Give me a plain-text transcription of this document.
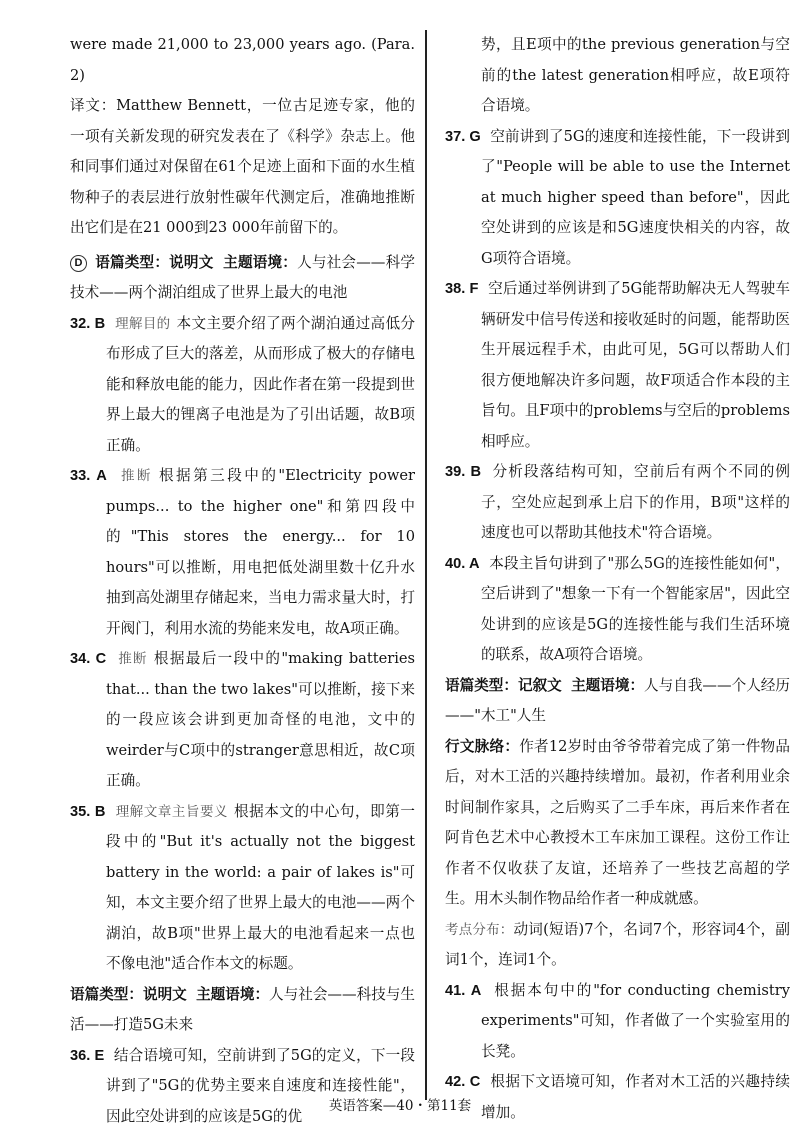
were made 21,000 to 23,000 years ago. (Para. 2)

译文：Matthew Bennett，一位古足迹专家，他的一项有关新发现的研究发表在了《科学》杂志上。他和同事们通过对保留在61个足迹上面和下面的水生植物种子的表层进行放射性碳年代测定后，准确地推断出它们是在21 000到23 000年前留下的。

D 语篇类型：说明文 主题语境：人与社会——科学技术——两个湖泊组成了世界上最大的电池

32. B 理解目的 本文主要介绍了两个湖泊通过高低分布形成了巨大的落差，从而形成了极大的存储电能和释放电能的能力，因此作者在第一段提到世界上最大的锂离子电池是为了引出话题，故B项正确。

33. A 推断 根据第三段中的"Electricity power pumps... to the higher one"和第四段中的"This stores the energy... for 10 hours"可以推断，用电把低处湖里数十亿升水抽到高处湖里存储起来，当电力需求量大时，打开阀门，利用水流的势能来发电，故A项正确。

34. C 推断 根据最后一段中的"making batteries that... than the two lakes"可以推断，接下来的一段应该会讲到更加奇怪的电池，文中的weirder与C项中的stranger意思相近，故C项正确。

35. B 理解文章主旨要义 根据本文的中心句，即第一段中的"But it's actually not the biggest battery in the world: a pair of lakes is"可知，本文主要介绍了世界上最大的电池——两个湖泊，故B项"世界上最大的电池看起来一点也不像电池"适合作本文的标题。

语篇类型：说明文 主题语境：人与社会——科技与生活——打造5G未来

36. E 结合语境可知，空前讲到了5G的定义，下一段讲到了"5G的优势主要来自速度和连接性能"，因此空处讲到的应该是5G的优

势，且E项中的the previous generation与空前的the latest generation相呼应，故E项符合语境。

37. G 空前讲到了5G的速度和连接性能，下一段讲到了"People will be able to use the Internet at much higher speed than before"，因此空处讲到的应该是和5G速度快相关的内容，故G项符合语境。

38. F 空后通过举例讲到了5G能帮助解决无人驾驶车辆研发中信号传送和接收延时的问题，能帮助医生开展远程手术，由此可见，5G可以帮助人们很方便地解决许多问题，故F项适合作本段的主旨句。且F项中的problems与空后的problems相呼应。

39. B 分析段落结构可知，空前后有两个不同的例子，空处应起到承上启下的作用，B项"这样的速度也可以帮助其他技术"符合语境。

40. A 本段主旨句讲到了"那么5G的连接性能如何"，空后讲到了"想象一下有一个智能家居"，因此空处讲到的应该是5G的连接性能与我们生活环境的联系，故A项符合语境。

语篇类型：记叙文 主题语境：人与自我——个人经历——"木工"人生

行文脉络：作者12岁时由爷爷带着完成了第一件物品后，对木工活的兴趣持续增加。最初，作者利用业余时间制作家具，之后购买了二手车床，再后来作者在阿肯色艺术中心教授木工车床加工课程。这份工作让作者不仅收获了友谊，还培养了一些技艺高超的学生。用木头制作物品给作者一种成就感。

考点分布：动词(短语)7个，名词7个，形容词4个，副词1个，连词1个。

41. A 根据本句中的"for conducting chemistry experiments"可知，作者做了一个实验室用的长凳。

42. C 根据下文语境可知，作者对木工活的兴趣持续增加。

英语答案—40・第11套
